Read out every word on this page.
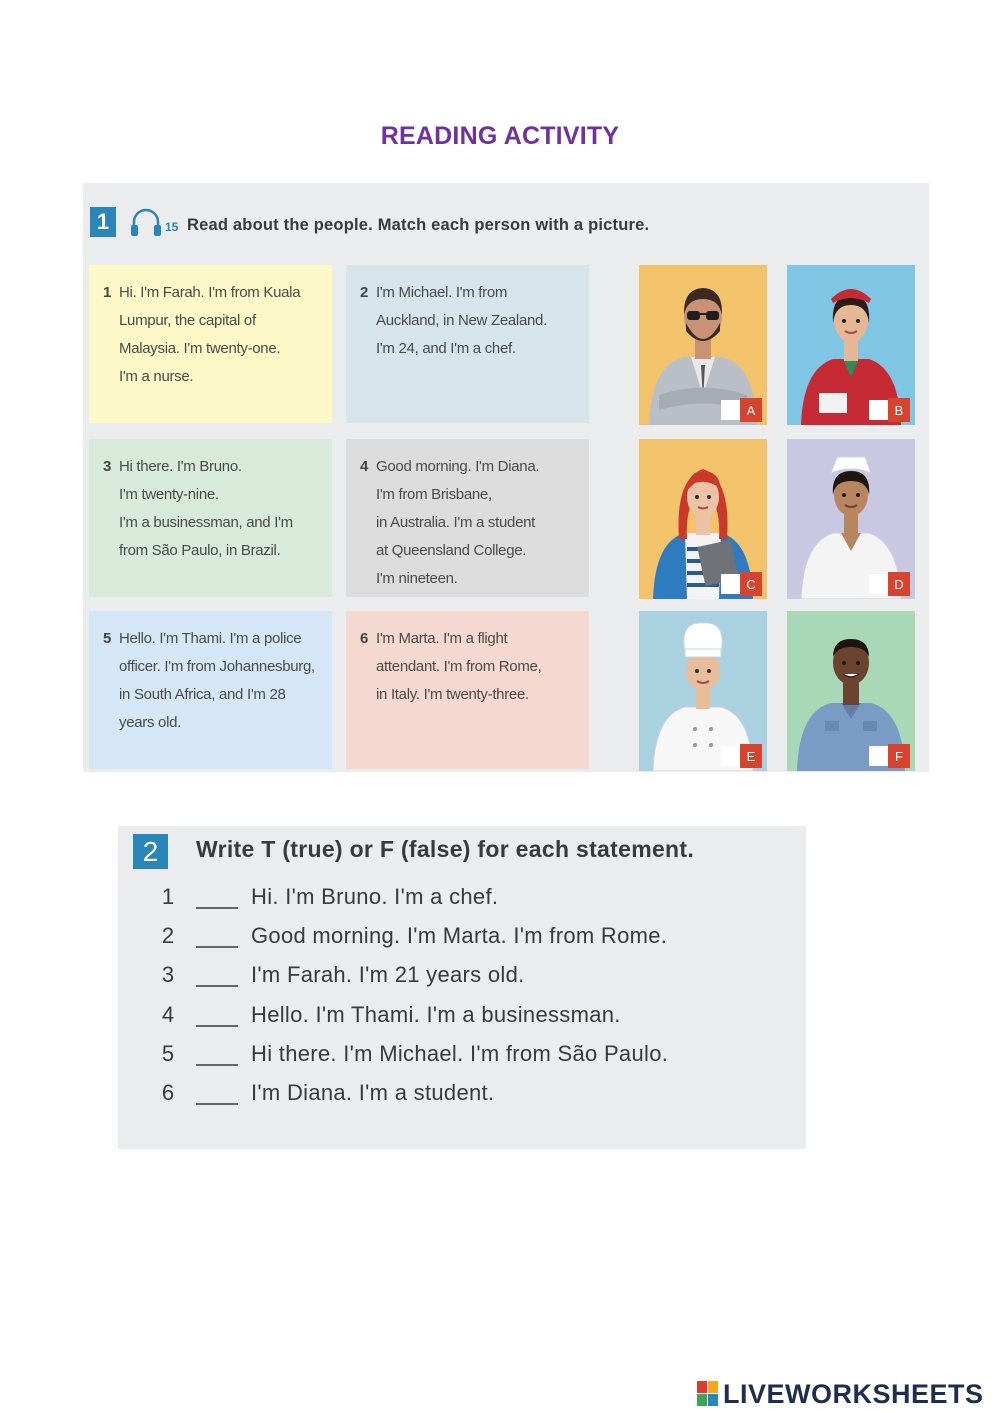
READING ACTIVITY
1	15 Read about the people. Match each person with a picture.
1 Hi. I'm Farah. I'm from Kuala
Lumpur, the capital of
Malaysia. I'm twenty-one.
I'm a nurse.
2 I'm Michael. I'm from
Auckland, in New Zealand.
I'm 24, and I'm a chef.
3 Hi there. I'm Bruno.
I'm twenty-nine.
I'm a businessman, and I'm
from São Paulo, in Brazil.
4 Good morning. I'm Diana.
I'm from Brisbane,
in Australia. I'm a student
at Queensland College.
I'm nineteen.
5 Hello. I'm Thami. I'm a police
officer. I'm from Johannesburg,
in South Africa, and I'm 28
years old.
6 I'm Marta. I'm a flight
attendant. I'm from Rome,
in Italy. I'm twenty-three.
A	B
C	D
E	F
2	Write T (true) or F (false) for each statement.
1	Hi. I'm Bruno. I'm a chef.
2	Good morning. I'm Marta. I'm from Rome.
3	I'm Farah. I'm 21 years old.
4	Hello. I'm Thami. I'm a businessman.
5	Hi there. I'm Michael. I'm from São Paulo.
6	I'm Diana. I'm a student.
LIVEWORKSHEETS
